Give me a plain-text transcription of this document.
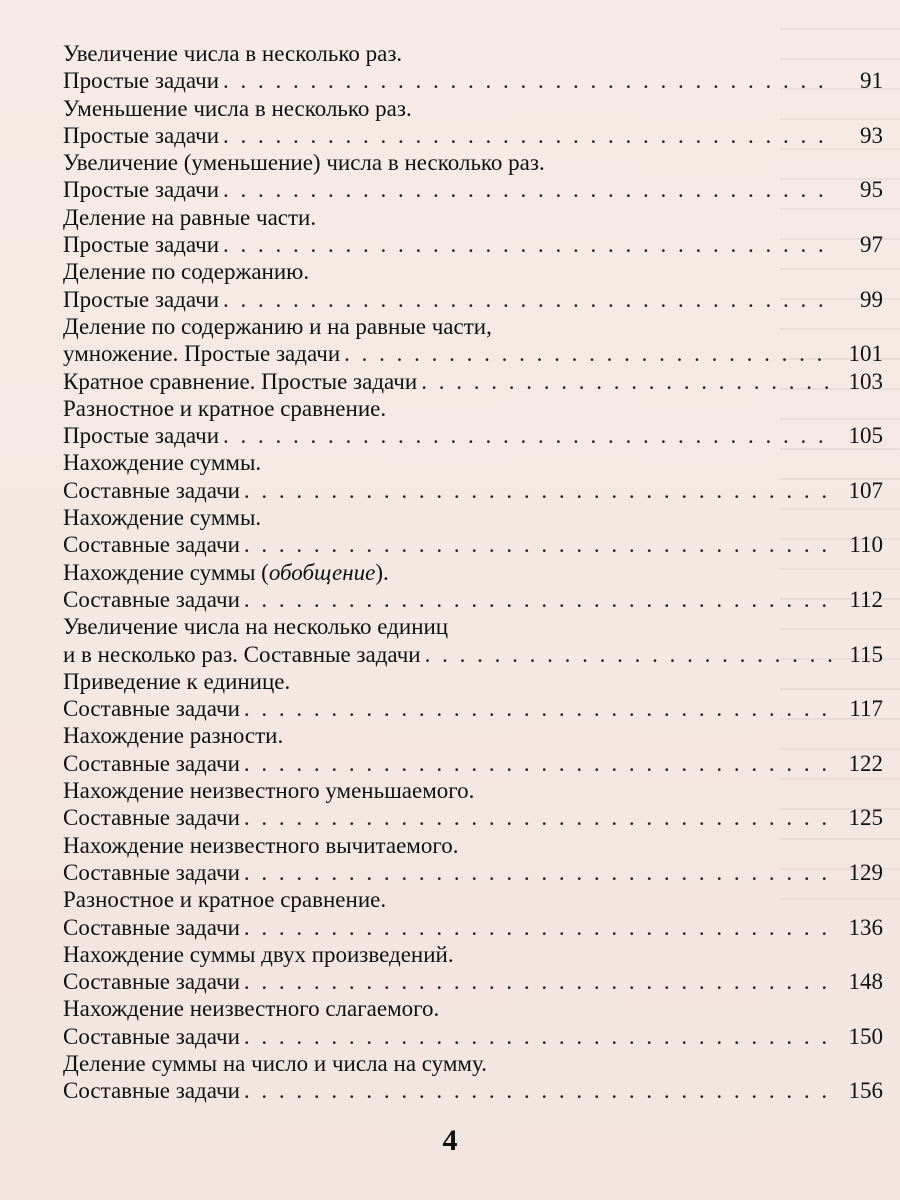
Увеличение числа в несколько раз.
Простые задачи . . .	91
Уменьшение числа в несколько раз.
Простые задачи . . .	93
Увеличение (уменьшение) числа в несколько раз.
Простые задачи . . .	95
Деление на равные части.
Простые задачи . . .	97
Деление по содержанию.
Простые задачи . . .	99
Деление по содержанию и на равные части,
умножение. Простые задачи . . .	101
Кратное сравнение. Простые задачи . . .	103
Разностное и кратное сравнение.
Простые задачи . . .	105
Нахождение суммы.
Составные задачи . . .	107
Нахождение суммы.
Составные задачи . . .	110
Нахождение суммы (обобщение).
Составные задачи . . .	112
Увеличение числа на несколько единиц
и в несколько раз. Составные задачи . . .	115
Приведение к единице.
Составные задачи . . .	117
Нахождение разности.
Составные задачи . . .	122
Нахождение неизвестного уменьшаемого.
Составные задачи . . .	125
Нахождение неизвестного вычитаемого.
Составные задачи . . .	129
Разностное и кратное сравнение.
Составные задачи . . .	136
Нахождение суммы двух произведений.
Составные задачи . . .	148
Нахождение неизвестного слагаемого.
Составные задачи . . .	150
Деление суммы на число и числа на сумму.
Составные задачи . . .	156
4
